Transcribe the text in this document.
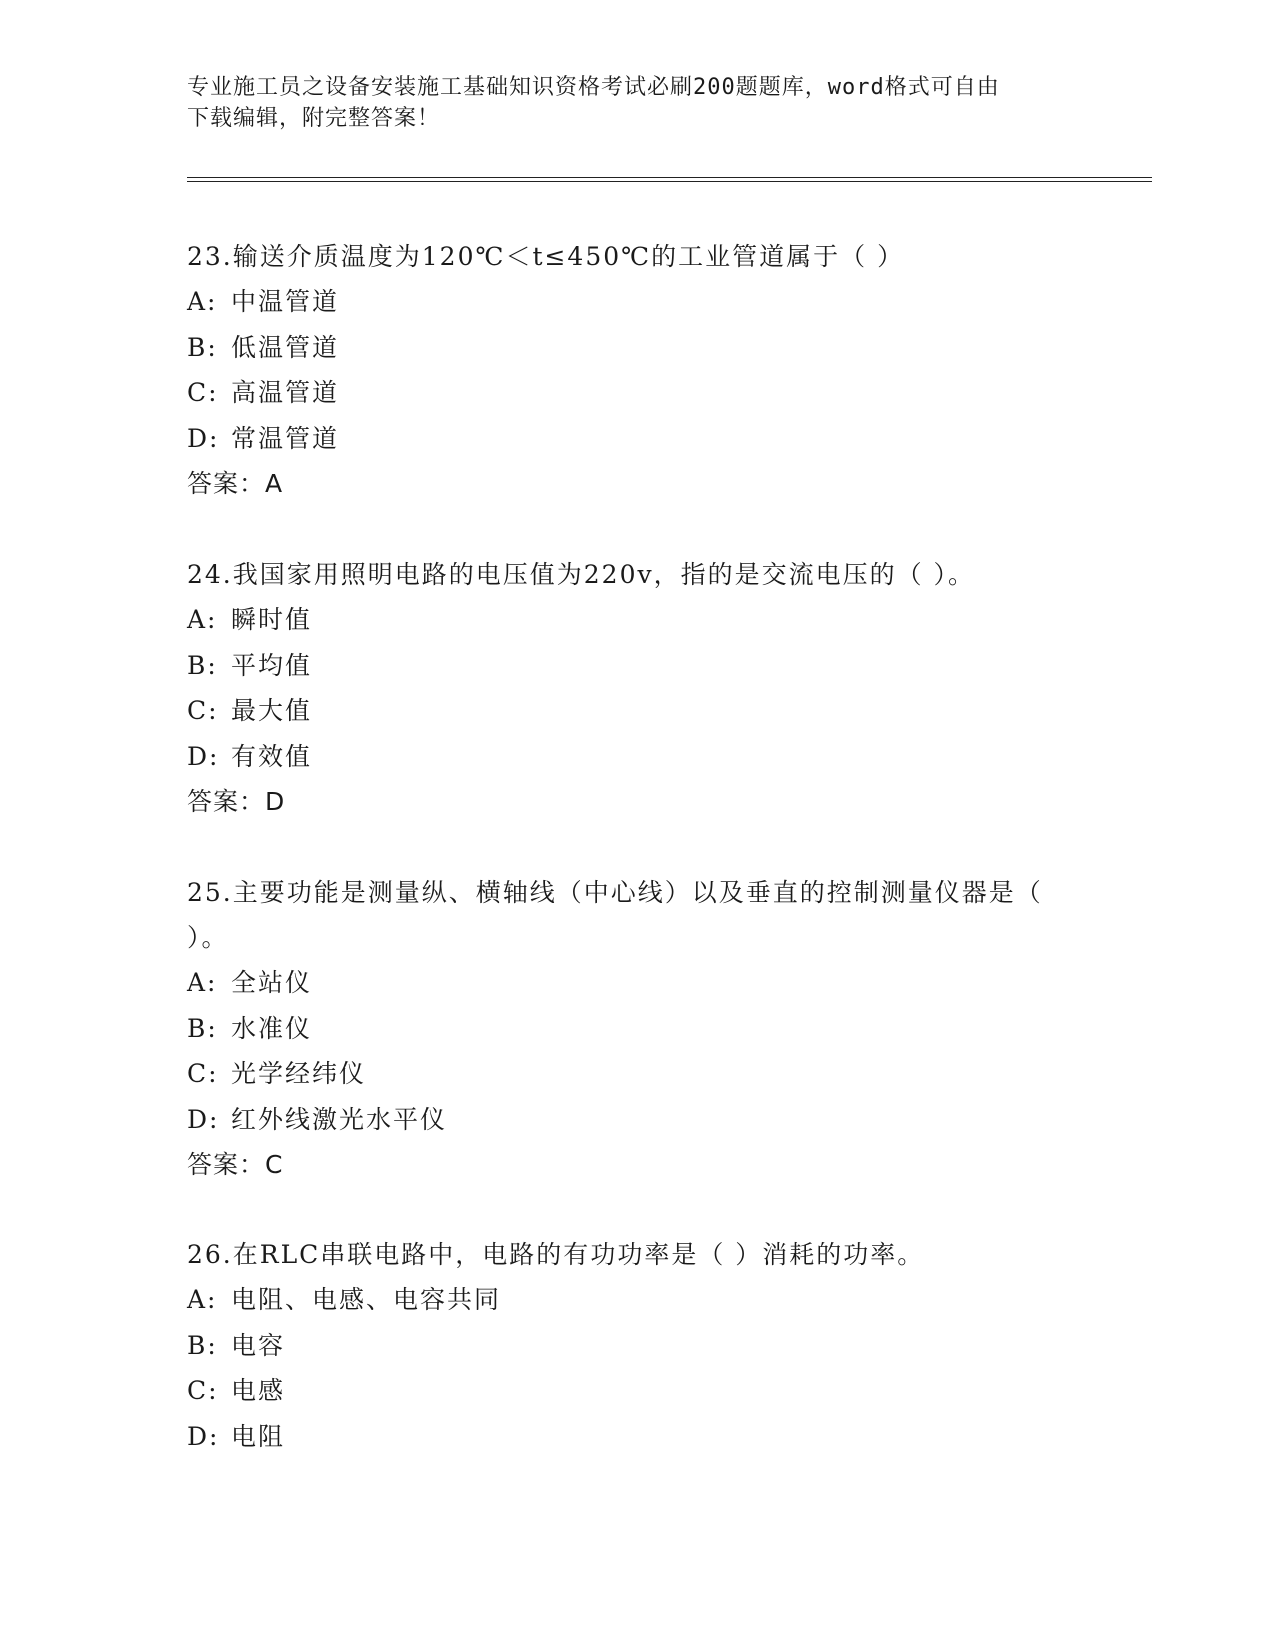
专业施工员之设备安装施工基础知识资格考试必刷200题题库，word格式可自由
下载编辑，附完整答案！

23.输送介质温度为120℃＜t≤450℃的工业管道属于（ ）

A: 中温管道

B: 低温管道

C: 高温管道

D: 常温管道

答案：A

24.我国家用照明电路的电压值为220v，指的是交流电压的（ ）。

A: 瞬时值

B: 平均值

C: 最大值

D: 有效值

答案：D

25.主要功能是测量纵、横轴线（中心线）以及垂直的控制测量仪器是（ ）。

A: 全站仪

B: 水准仪

C: 光学经纬仪

D: 红外线激光水平仪

答案：C

26.在RLC串联电路中，电路的有功功率是（ ）消耗的功率。

A: 电阻、电感、电容共同

B: 电容

C: 电感

D: 电阻
